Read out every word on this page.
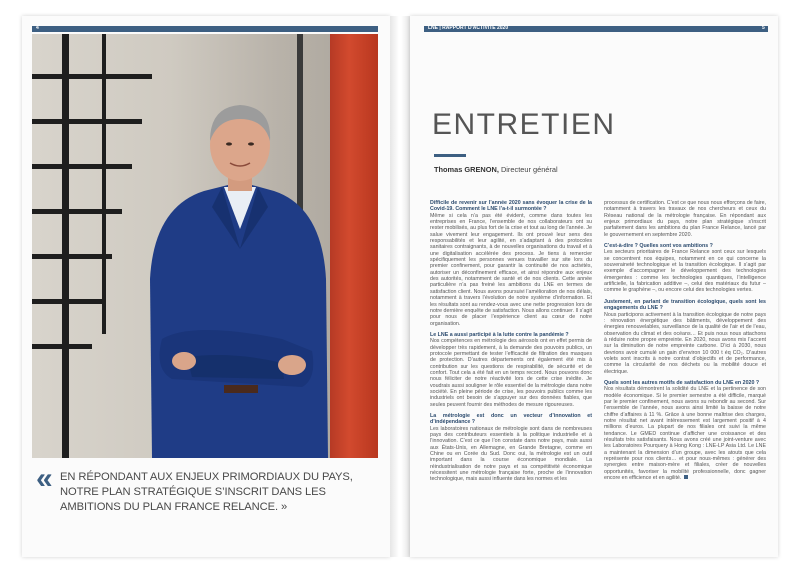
4
« EN RÉPONDANT AUX ENJEUX PRIMORDIAUX DU PAYS, NOTRE PLAN STRATÉGIQUE S’INSCRIT DANS LES AMBITIONS DU PLAN FRANCE RELANCE. »
LNE | RAPPORT D'ACTIVITÉ 2020	5
ENTRETIEN
Thomas GRENON, Directeur général
Difficile de revenir sur l’année 2020 sans évoquer la crise de la Covid-19. Comment le LNE l’a-t-il surmontée ?

Même si cela n’a pas été évident, comme dans toutes les entreprises en France, l’ensemble de nos collaborateurs ont su rester mobilisés, au plus fort de la crise et tout au long de l’année. Je salue vivement leur engagement. Ils ont prouvé leur sens des responsabilités et leur agilité, en s’adaptant à des protocoles sanitaires contraignants, à de nouvelles organisations du travail et à une digitalisation accélérée des process. Je tiens à remercier spécifiquement les personnes venues travailler sur site lors du premier confinement, pour garantir la continuité de nos activités, autoriser un déconfinement efficace, et ainsi répondre aux enjeux des autorités, notamment de santé et de nos clients. Cette année particulière n’a pas freiné les ambitions du LNE en termes de satisfaction client. Nous avons poursuivi l’amélioration de nos délais, notamment à travers l’évolution de notre système d’information. Et les résultats sont au rendez-vous avec une nette progression lors de notre dernière enquête de satisfaction. Nous allons continuer. Il s’agit pour nous de placer l’expérience client au cœur de notre organisation.

Le LNE a aussi participé à la lutte contre la pandémie ?

Nos compétences en métrologie des aérosols ont en effet permis de développer très rapidement, à la demande des pouvoirs publics, un protocole permettant de tester l’efficacité de filtration des masques de protection. D’autres départements ont également été mis à contribution sur les questions de respirabilité, de sécurité et de confort. Tout cela a été fait en un temps record. Nous pouvons donc nous féliciter de notre réactivité lors de cette crise inédite. Je voudrais aussi souligner le rôle essentiel de la métrologie dans notre société. En pleine période de crise, les pouvoirs publics comme les industriels ont besoin de s’appuyer sur des données fiables, que seules peuvent fournir des méthodes de mesure rigoureuses.

La métrologie est donc un vecteur d’innovation et d’indépendance ?

Les laboratoires nationaux de métrologie sont dans de nombreuses pays des contributeurs essentiels à la politique industrielle et à l’innovation. C’est ce que l’on constate dans notre pays, mais aussi aux États-Unis, en Allemagne, en Grande Bretagne, comme en Chine ou en Corée du Sud. Donc oui, la métrologie est un outil important dans la course économique mondiale. La réindustrialisation de notre pays et sa compétitivité économique nécessitent une métrologie française forte, proche de l’innovation technologique, mais aussi influente dans les normes et les

processus de certification. C’est ce que nous nous efforçons de faire, notamment à travers les travaux de nos chercheurs et ceux du Réseau national de la métrologie française. En répondant aux enjeux primordiaux du pays, notre plan stratégique s’inscrit parfaitement dans les ambitions du plan France Relance, lancé par le gouvernement en septembre 2020.

C’est-à-dire ? Quelles sont vos ambitions ?

Les secteurs prioritaires de France Relance sont ceux sur lesquels se concentrent nos équipes, notamment en ce qui concerne la souveraineté technologique et la transition écologique. Il s’agit par exemple d’accompagner le développement des technologies émergentes : comme les technologies quantiques, l’intelligence artificielle, la fabrication additive –, celui des matériaux du futur – comme le graphène –, ou encore celui des technologies vertes.

Justement, en parlant de transition écologique, quels sont les engagements du LNE ?

Nous participons activement à la transition écologique de notre pays : rénovation énergétique des bâtiments, développement des énergies renouvelables, surveillance de la qualité de l’air et de l’eau, observation du climat et des océans… Et puis nous nous attachons à réduire notre propre empreinte. En 2020, nous avons mis l’accent sur la diminution de notre empreinte carbone. D’ici à 2030, nous devrions avoir cumulé un gain d’environ 10 000 t éq CO₂. D’autres volets sont inscrits à notre contrat d’objectifs et de performance, comme la circularité de nos déchets ou la mobilité douce et électrique.

Quels sont les autres motifs de satisfaction du LNE en 2020 ?

Nos résultats démontrent la solidité du LNE et la pertinence de son modèle économique. Si le premier semestre a été difficile, marqué par le premier confinement, nous avons su rebondir au second. Sur l’ensemble de l’année, nous avons ainsi limité la baisse de notre chiffre d’affaires à 11 %. Grâce à une bonne maîtrise des charges, notre résultat net avant intéressement est largement positif à 4 millions d’euros. La plupart de nos filiales ont suivi la même tendance. Le GMED continue d’afficher une croissance et des résultats très satisfaisants. Nous avons créé une joint-venture avec les Laboratoires Pourquery à Hong Kong : LNE-LP Asia Ltd. Le LNE a maintenant la dimension d’un groupe, avec les atouts que cela représente pour nos clients… et pour nous-mêmes : générer des synergies entre maison-mère et filiales, créer de nouvelles opportunités, favoriser la mobilité professionnelle, donc gagner encore en efficience et en agilité.
